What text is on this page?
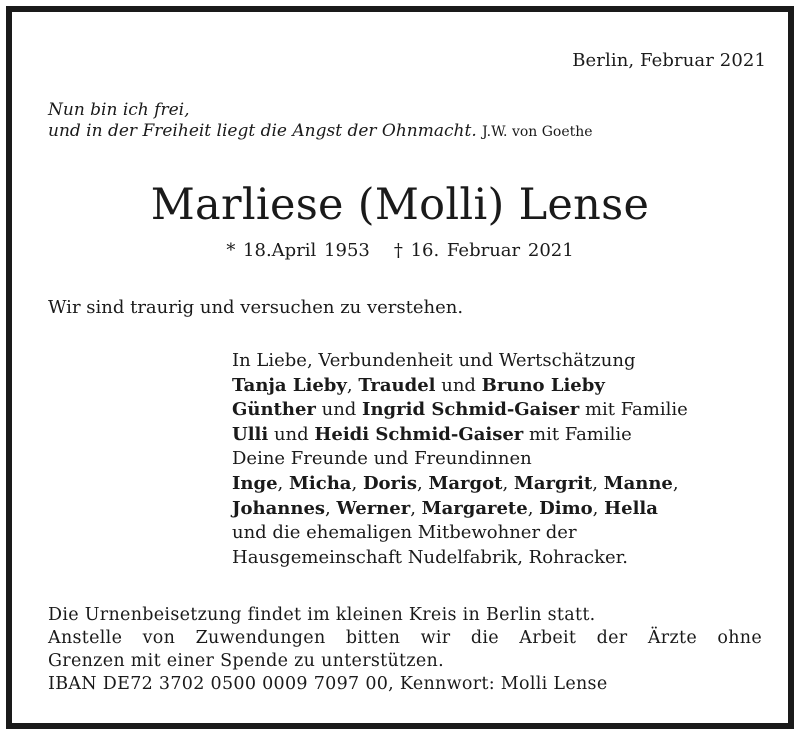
Berlin, Februar 2021
Nun bin ich frei,
und in der Freiheit liegt die Angst der Ohnmacht. J.W. von Goethe
Marliese (Molli) Lense
* 18.April 1953 † 16. Februar 2021
Wir sind traurig und versuchen zu verstehen.
In Liebe, Verbundenheit und Wertschätzung
Tanja Lieby, Traudel und Bruno Lieby
Günther und Ingrid Schmid-Gaiser mit Familie
Ulli und Heidi Schmid-Gaiser mit Familie
Deine Freunde und Freundinnen
Inge, Micha, Doris, Margot, Margrit, Manne,
Johannes, Werner, Margarete, Dimo, Hella
und die ehemaligen Mitbewohner der
Hausgemeinschaft Nudelfabrik, Rohracker.
Die Urnenbeisetzung findet im kleinen Kreis in Berlin statt.
Anstelle von Zuwendungen bitten wir die Arbeit der Ärzte ohne
Grenzen mit einer Spende zu unterstützen.
IBAN DE72 3702 0500 0009 7097 00, Kennwort: Molli Lense
